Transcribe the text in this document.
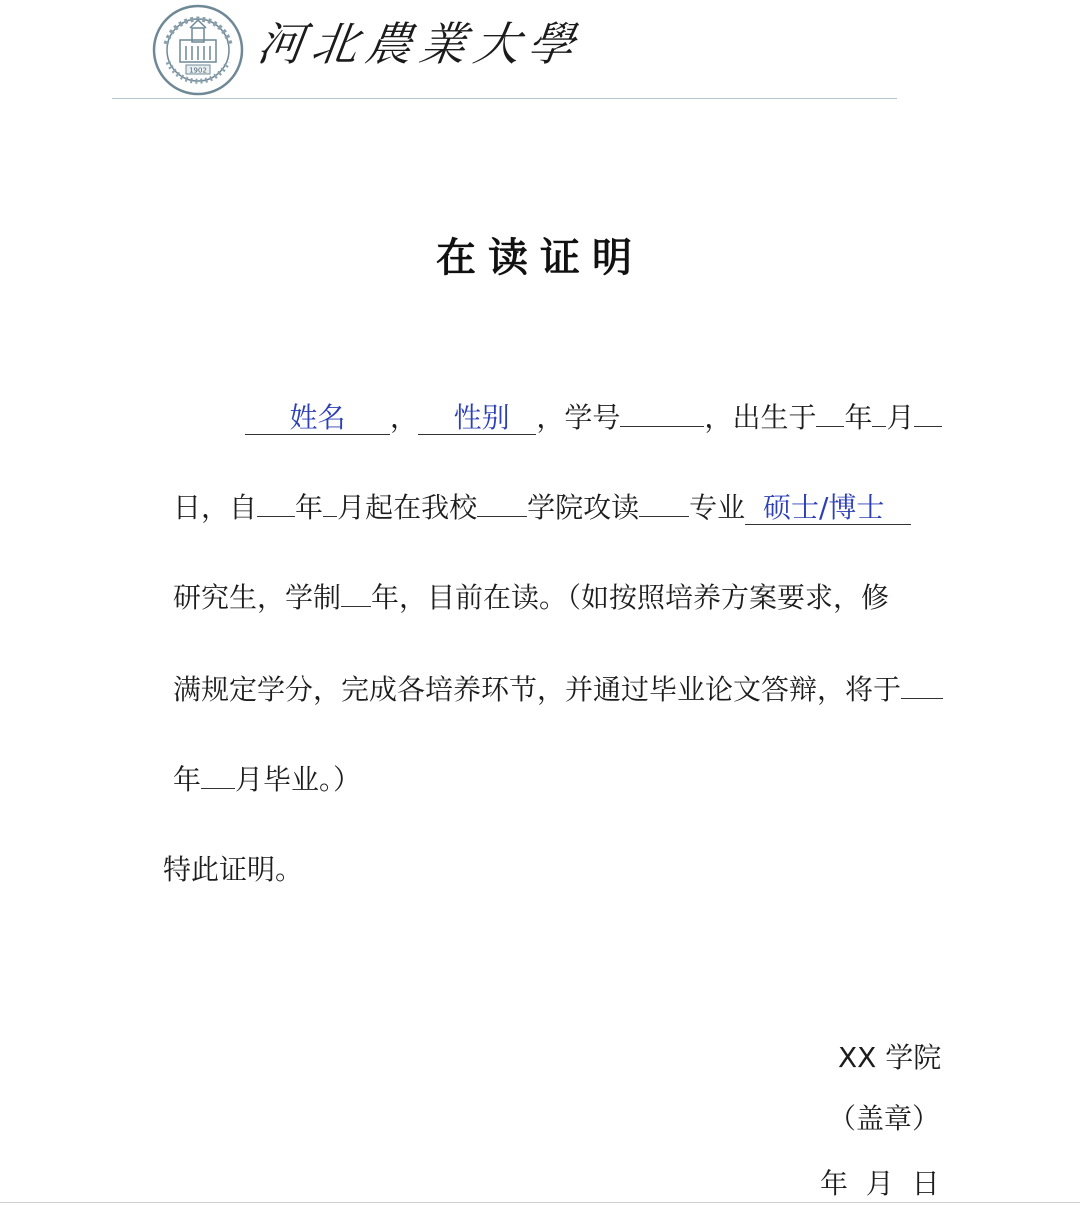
1902 河北農業大學
在读证明
姓名 ， 性别 ，学号	，出生于 年 月
日，自 年 月起在我校 学院攻读 专业 硕士/博士
研究生，学制 年，目前在读。（如按照培养方案要求，修
满规定学分，完成各培养环节，并通过毕业论文答辩，将于
年 月毕业。）
特此证明。
XX 学院
（盖章）
年  月  日
